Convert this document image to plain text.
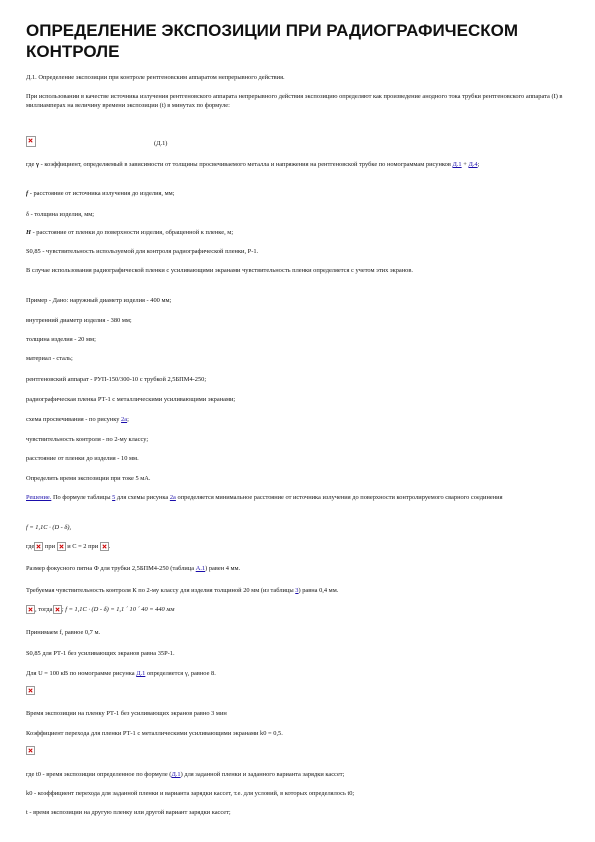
ОПРЕДЕЛЕНИЕ ЭКСПОЗИЦИИ ПРИ РАДИОГРАФИЧЕСКОМ КОНТРОЛЕ

Д.1. Определение экспозиции при контроле рентгеновским аппаратом непрерывного действия.

При использовании в качестве источника излучения рентгеновского аппарата непрерывного действия экспозицию определяют как произведение анодного тока трубки рентгеновского аппарата (I) в миллиамперах на величину времени экспозиции (t) в минутах по формуле:

(Д.1)

где γ - коэффициент, определяемый в зависимости от толщины просвечиваемого металла и напряжения на рентгеновской трубке по номограммам рисунков Д.1 + Д.4;

f - расстояние от источника излучения до изделия, мм;

δ - толщина изделия, мм;

H - расстояние от пленки до поверхности изделия, обращенной к пленке, м;

S0,85 - чувствительность используемой для контроля радиографической пленки, Р-1.

В случае использования радиографической пленки с усиливающими экранами чувствительность пленки определяется с учетом этих экранов.

Пример - Дано: наружный диаметр изделия - 400 мм;

внутренний диаметр изделия - 380 мм;

толщина изделия - 20 мм;

материал - сталь;

рентгеновский аппарат - РУП-150/300-10 с трубкой 2,5БПМ4-250;

радиографическая пленка РТ-1 с металлическими усиливающими экранами;

схема просвечивания - по рисунку 2а;

чувствительность контроля - по 2-му классу;

расстояние от пленки до изделия - 10 мм.

Определить время экспозиции при токе 5 мА.

Решение. По формуле таблицы 5 для схемы рисунка 2а определяется минимальное расстояние от источника излучения до поверхности контролируемого сварного соединения

f = 1,1C · (D - δ),

где при  и C = 2 при .

Размер фокусного пятна Ф для трубки 2,5БПМ4-250 (таблица А.1) равен 4 мм.

Требуемая чувствительность контроля К по 2-му классу для изделия толщиной 20 мм (из таблицы 3) равна 0,4 мм.

, тогда ; f = 1,1C · (D - δ) = 1,1 ´ 10 ´ 40 = 440 мм

Принимаем f, равное 0,7 м.

S0,85 для РТ-1 без усиливающих экранов равна 35Р-1.

Для U = 100 кВ по номограмме рисунка Д.1 определяется γ, равное 8.

Время экспозиции на пленку РТ-1 без усиливающих экранов равно 3 мин

Коэффициент перехода для пленки РТ-1 с металлическими усиливающими экранами k0 = 0,5.

где t0 - время экспозиции определенное по формуле (Д.1) для заданной пленки и заданного варианта зарядки кассет;

k0 - коэффициент перехода для заданной пленки и варианта зарядки кассет, т.е. для условий, в которых определялось t0;

t - время экспозиции на другую пленку или другой вариант зарядки кассет;
